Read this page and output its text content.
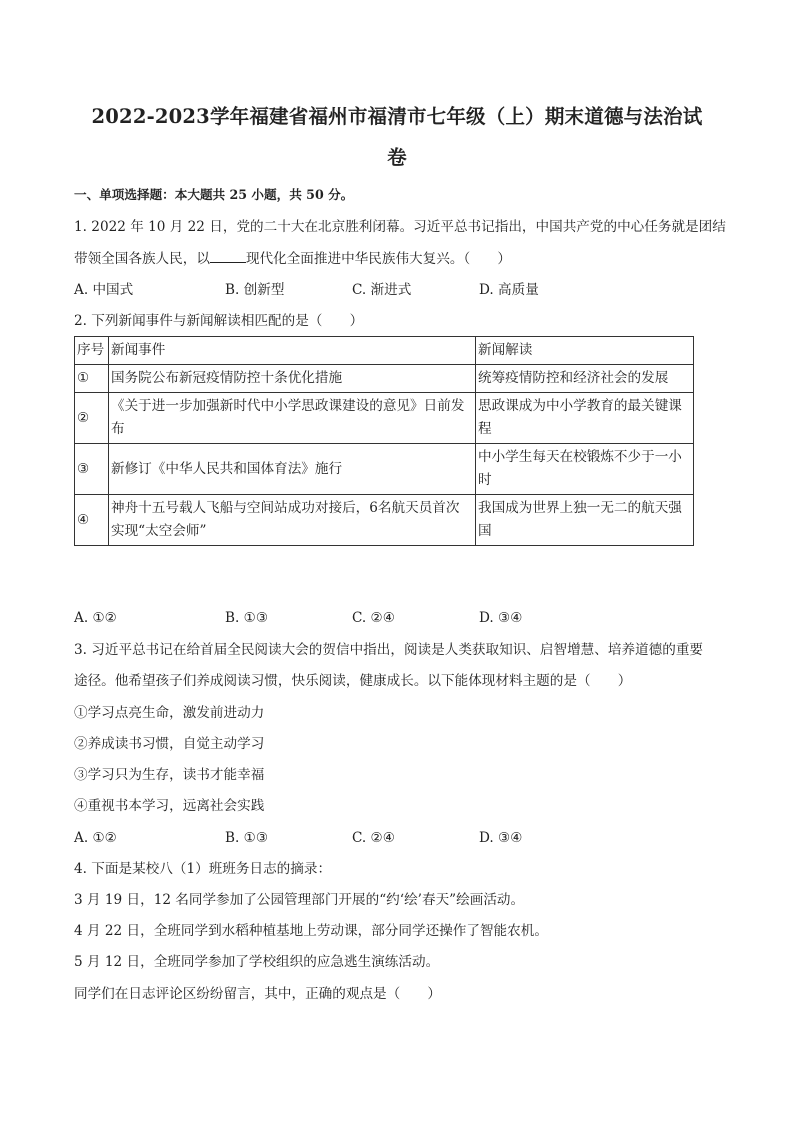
2022-2023学年福建省福州市福清市七年级（上）期末道德与法治试
卷
一、单项选择题：本大题共 25 小题，共 50 分。
1. 2022 年 10 月 22 日，党的二十大在北京胜利闭幕。习近平总书记指出，中国共产党的中心任务就是团结
带领全国各族人民，以	现代化全面推进中华民族伟大复兴。（　　）
A. 中国式	B. 创新型	C. 渐进式	D. 高质量
2. 下列新闻事件与新闻解读相匹配的是（　　）
序号	新闻事件	新闻解读
①	国务院公布新冠疫情防控十条优化措施	统筹疫情防控和经济社会的发展
②	《关于进一步加强新时代中小学思政课建设的意见》日前发布	思政课成为中小学教育的最关键课程
③	新修订《中华人民共和国体育法》施行	中小学生每天在校锻炼不少于一小时
④	神舟十五号载人飞船与空间站成功对接后，6名航天员首次实现“太空会师”	我国成为世界上独一无二的航天强国
A. ①②	B. ①③	C. ②④	D. ③④
3. 习近平总书记在给首届全民阅读大会的贺信中指出，阅读是人类获取知识、启智增慧、培养道德的重要
途径。他希望孩子们养成阅读习惯，快乐阅读，健康成长。以下能体现材料主题的是（　　）
①学习点亮生命，激发前进动力
②养成读书习惯，自觉主动学习
③学习只为生存，读书才能幸福
④重视书本学习，远离社会实践
A. ①②	B. ①③	C. ②④	D. ③④
4. 下面是某校八（1）班班务日志的摘录：
3 月 19 日，12 名同学参加了公园管理部门开展的“约‘绘’春天”绘画活动。
4 月 22 日，全班同学到水稻种植基地上劳动课，部分同学还操作了智能农机。
5 月 12 日，全班同学参加了学校组织的应急逃生演练活动。
同学们在日志评论区纷纷留言，其中，正确的观点是（　　）
